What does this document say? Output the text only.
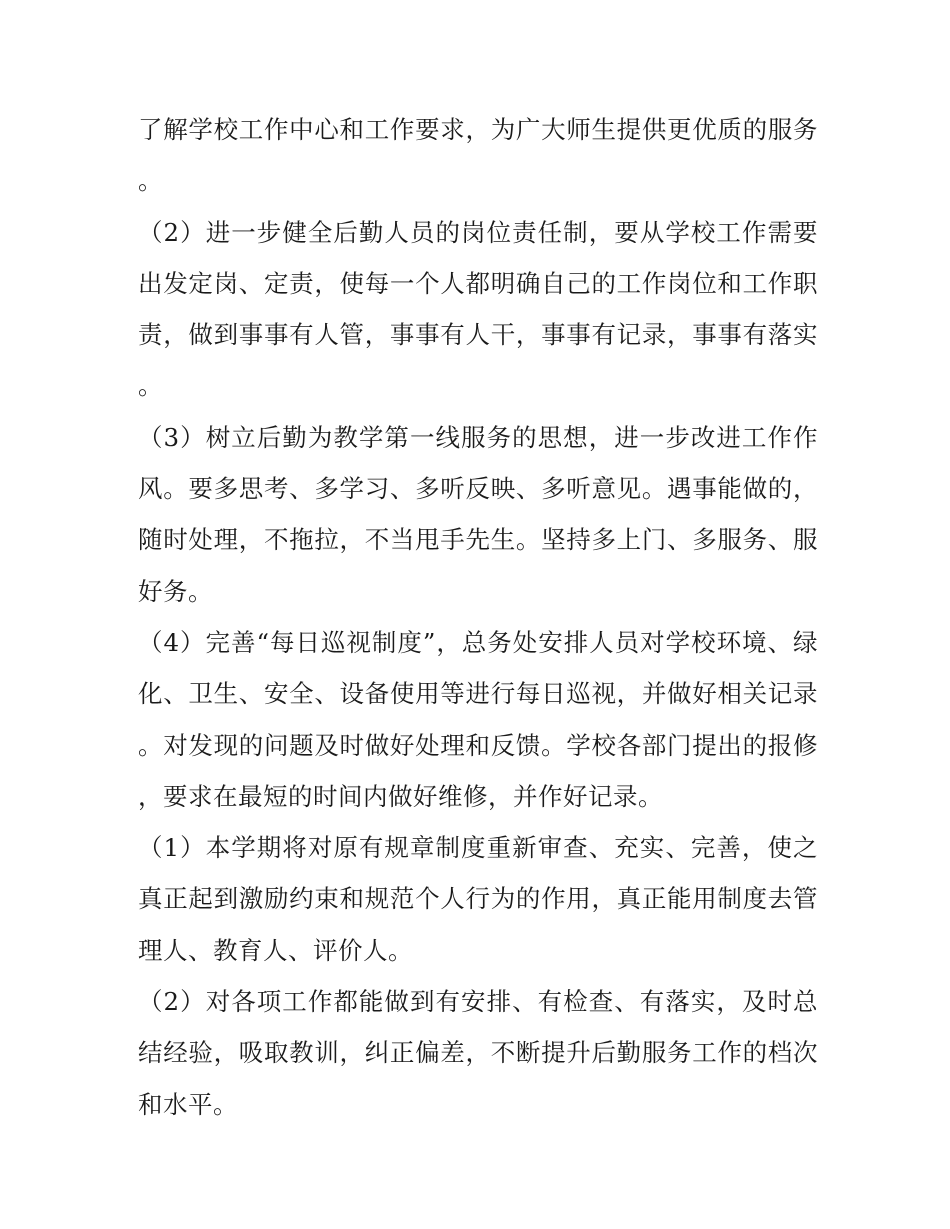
了解学校工作中心和工作要求，为广大师生提供更优质的服务。

（2）进一步健全后勤人员的岗位责任制，要从学校工作需要出发定岗、定责，使每一个人都明确自己的工作岗位和工作职责，做到事事有人管，事事有人干，事事有记录，事事有落实。

（3）树立后勤为教学第一线服务的思想，进一步改进工作作风。要多思考、多学习、多听反映、多听意见。遇事能做的，随时处理，不拖拉，不当甩手先生。坚持多上门、多服务、服好务。

（4）完善“每日巡视制度”，总务处安排人员对学校环境、绿化、卫生、安全、设备使用等进行每日巡视，并做好相关记录。对发现的问题及时做好处理和反馈。学校各部门提出的报修，要求在最短的时间内做好维修，并作好记录。

（1）本学期将对原有规章制度重新审查、充实、完善，使之真正起到激励约束和规范个人行为的作用，真正能用制度去管理人、教育人、评价人。

（2）对各项工作都能做到有安排、有检查、有落实，及时总结经验，吸取教训，纠正偏差，不断提升后勤服务工作的档次和水平。
